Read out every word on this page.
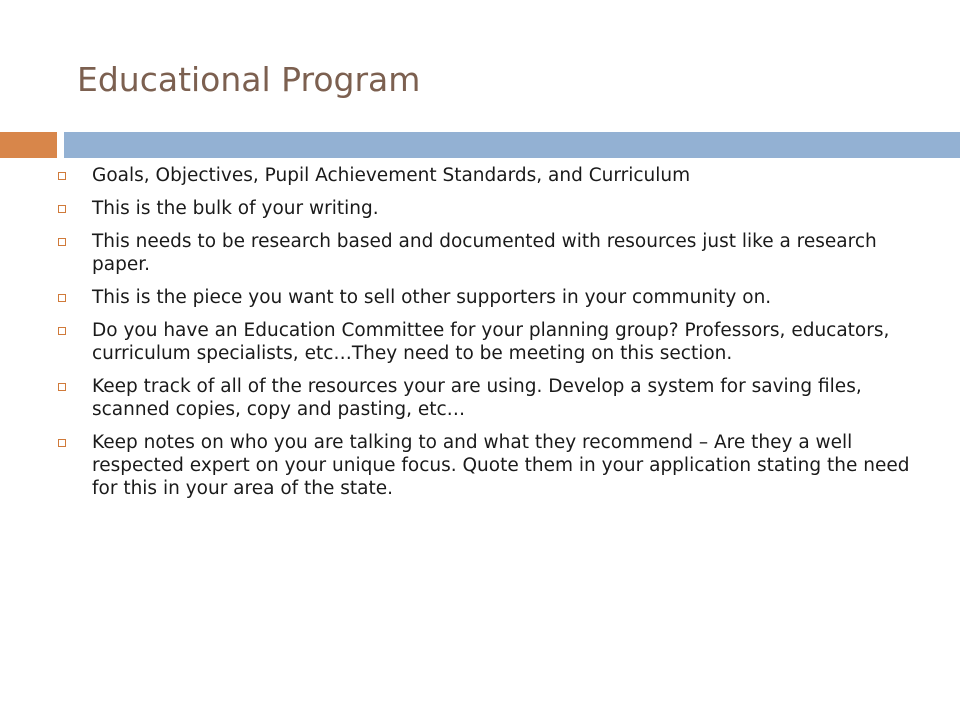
Educational Program
Goals, Objectives, Pupil Achievement Standards, and Curriculum
This is the bulk of your writing.
This needs to be research based and documented with resources just like a research paper.
This is the piece you want to sell other supporters in your community on.
Do you have an Education Committee for your planning group? Professors, educators, curriculum specialists, etc…They need to be meeting on this section.
Keep track of all of the resources your are using. Develop a system for saving files, scanned copies, copy and pasting, etc…
Keep notes on who you are talking to and what they recommend – Are they a well respected expert on your unique focus. Quote them in your application stating the need for this in your area of the state.
